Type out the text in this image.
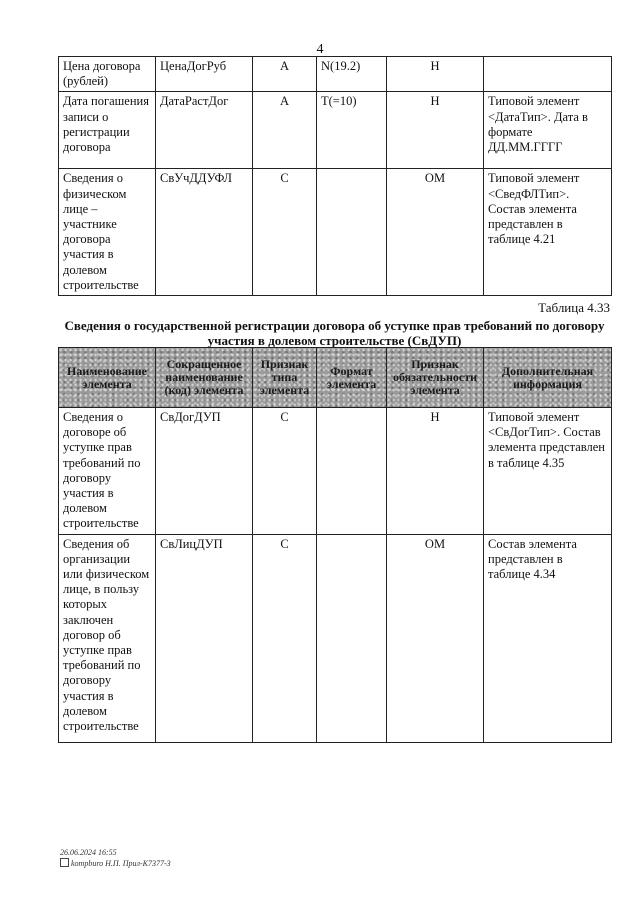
4
Цена договора (рублей)	ЦенаДогРуб	А	N(19.2)	Н	
Дата погашения записи о регистрации договора	ДатаРастДог	А	Т(=10)	Н	Типовой элемент <ДатаТип>. Дата в формате ДД.ММ.ГГГГ
Сведения о физическом лице – участнике договора участия в долевом строительстве	СвУчДДУФЛ	С		ОМ	Типовой элемент <СведФЛТип>. Состав элемента представлен в таблице 4.21
Таблица 4.33
Сведения о государственной регистрации договора об уступке прав требований по договору участия в долевом строительстве (СвДУП)
Наименование элемента	Сокращенное наименование (код) элемента	Признак типа элемента	Формат элемента	Признак обязательности элемента	Дополнительная информация
Сведения о договоре об уступке прав требований по договору участия в долевом строительстве	СвДогДУП	С		Н	Типовой элемент <СвДогТип>. Состав элемента представлен в таблице 4.35
Сведения об организации или физическом лице, в пользу которых заключен договор об уступке прав требований по договору участия в долевом строительстве	СвЛицДУП	С		ОМ	Состав элемента представлен в таблице 4.34
26.06.2024 16:55
kompburo Н.П. Прил-К7377-3
